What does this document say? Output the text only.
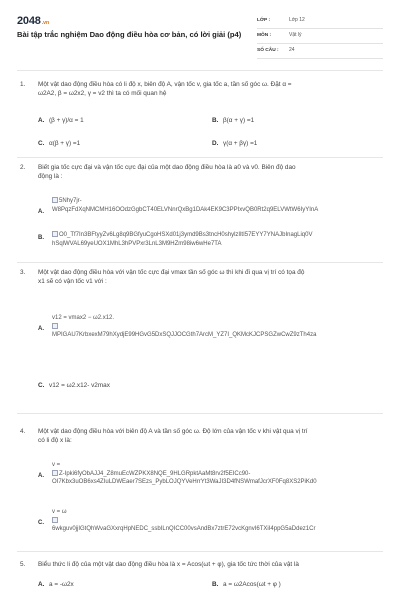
2048.vn
Bài tập trắc nghiệm Dao động điều hòa cơ bản, có lời giải (p4)
LỚP :	Lớp 12
MÔN :	Vật lý
SỐ CÂU :	24
1. Một vật dao động điều hòa có li độ x, biên độ A, vận tốc v, gia tốc a, tần số góc ω. Đặt α =
ω2A2, β = ω2x2, γ = v2 thì ta có mối quan hệ
A. (β + γ)/α = 1	B. β(α + γ) =1
C. α(β + γ) =1	D. γ(α + βγ) =1
2. Biết gia tốc cực đại và vận tốc cực đại của một dao động điều hòa là a0 và v0. Biên độ dao
động là :
A.
5Nhy7jr-
W8PqzFdXqNMCMH16OOdzGgbCT40ELVNnrQxBg1DAk4EK9C3PPIxvQB0Rt2q9ELVWtW6IyYInA
B.	O0_Tf7In3BFtyyZv6Lg8q9BGfyuCgoHSXd01j3ymd9Bs3tncH0shylzIltI57EYY7YNAJbInagLiq0V
hSqlWVAL69yeUOX1MhL3hPVPxr3LnL3M9HZm98iw6wHe7TA
3. Một vật dao động điều hòa với vận tốc cực đại vmax tần số góc ω thì khi đi qua vị trí có tọa độ
x1 sẽ có vận tốc v1 với :
A.
v12 = vmax2 − ω2.x12.
MPIGAU7KrbxexM79hXydjE99HGvG5DxSQJJOCGth7ArcM_YZ7I_QKMcKJCPSGZwCwZ9zTh4za
C. v12 = ω2.x12- v2max
4. Một vật dao động điều hòa với biên độ A và tần số góc ω. Độ lớn của vận tốc v khi vật qua vị trí
có li độ x là:
A.
v =
Z-Ipki6fyObAJJ4_Z8muEcWZPKX8NQE_9HLGRpktAaMt8rv2f5EICc90-
OI7Kbx3uOB6xs4ZIuLDWEaer7SEzs_PybLOJQYVeHrrYt3WaJI3D4fNSWmafJcrXF0Fq8XS2PiKd0
C.
v = ω
6wkguv0jjIGtQhWvaGXxrqHpNEDC_ssbILnQICC00vsAndBx7ztrE72vcKgnvI6TXiI4ppG5aDdez1Cr
5. Biểu thức li độ của một vật dao động điều hòa là x = Acos(ωt + φ), gia tốc tức thời của vật là
A. a = -ω2x	B. a = ω2Acos(ωt + φ )
